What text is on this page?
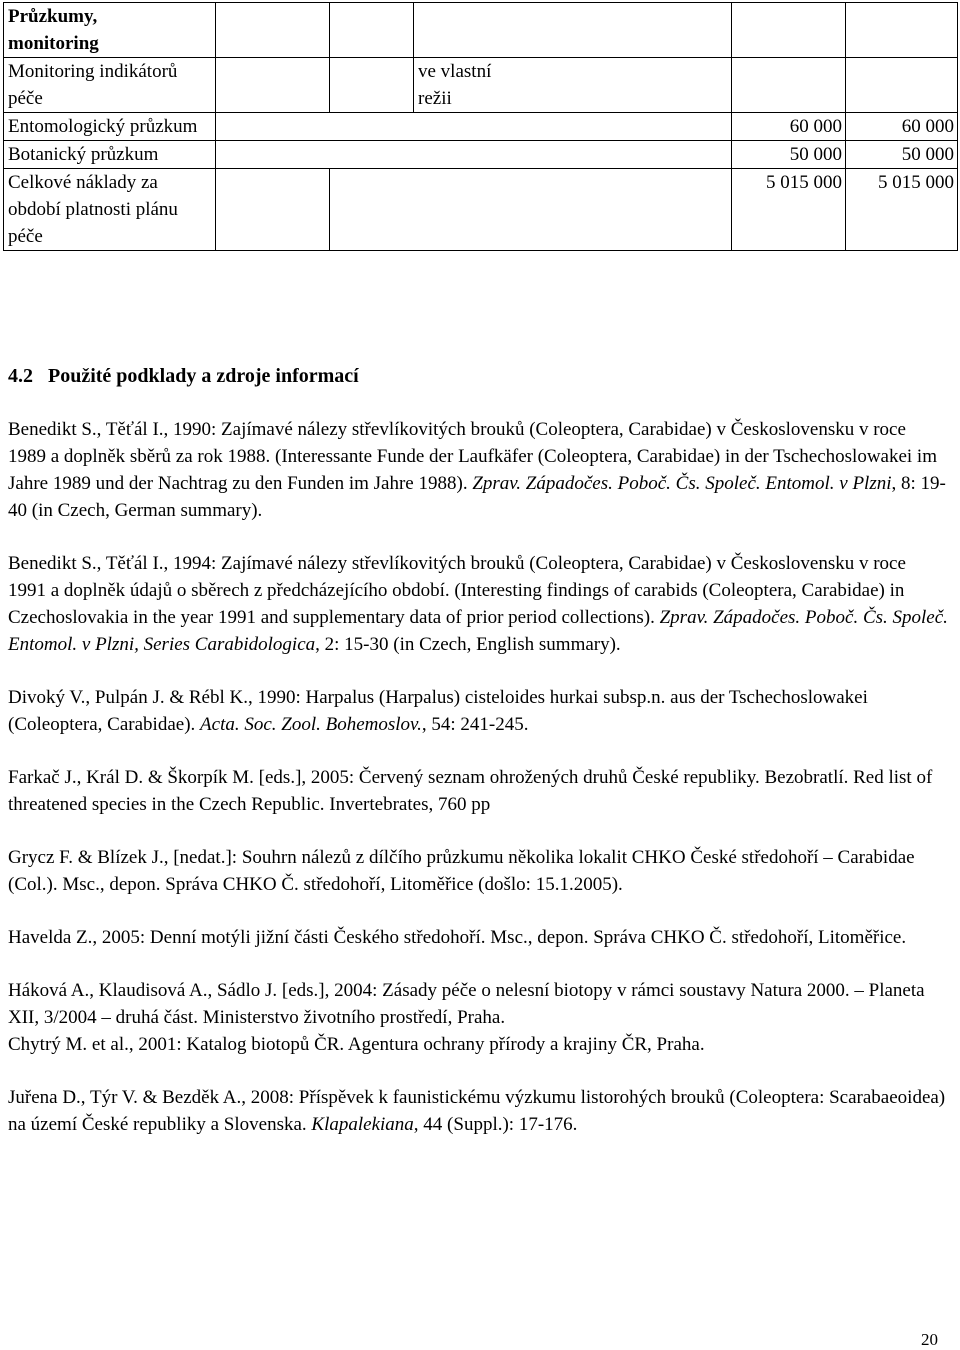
Průzkumy,
monitoring					
Monitoring indikátorů péče			ve vlastní režii		

Entomologický průzkum				60 000	60 000
Botanický průzkum				50 000	50 000
Celkové náklady za období platnosti plánu péče				5 015 000	5 015 000
4.2 Použité podklady a zdroje informací

Benedikt S., Těťál I., 1990: Zajímavé nálezy střevlíkovitých brouků (Coleoptera, Carabidae) v Československu v roce 1989 a doplněk sběrů za rok 1988. (Interessante Funde der Laufkäfer (Coleoptera, Carabidae) in der Tschechoslowakei im Jahre 1989 und der Nachtrag zu den Funden im Jahre 1988). Zprav. Západočes. Poboč. Čs. Společ. Entomol. v Plzni, 8: 19-40 (in Czech, German summary).

Benedikt S., Těťál I., 1994: Zajímavé nálezy střevlíkovitých brouků (Coleoptera, Carabidae) v Československu v roce 1991 a doplněk údajů o sběrech z předcházejícího období. (Interesting findings of carabids (Coleoptera, Carabidae) in Czechoslovakia in the year 1991 and supplementary data of prior period collections). Zprav. Západočes. Poboč. Čs. Společ. Entomol. v Plzni, Series Carabidologica, 2: 15-30 (in Czech, English summary).

Divoký V., Pulpán J. & Rébl K., 1990: Harpalus (Harpalus) cisteloides hurkai subsp.n. aus der Tschechoslowakei (Coleoptera, Carabidae). Acta. Soc. Zool. Bohemoslov., 54: 241-245.

Farkač J., Král D. & Škorpík M. [eds.], 2005: Červený seznam ohrožených druhů České republiky. Bezobratlí. Red list of threatened species in the Czech Republic. Invertebrates, 760 pp

Grycz F. & Blízek J., [nedat.]: Souhrn nálezů z dílčího průzkumu několika lokalit CHKO České středohoří – Carabidae (Col.). Msc., depon. Správa CHKO Č. středohoří, Litoměřice (došlo: 15.1.2005).

Havelda Z., 2005: Denní motýli jižní části Českého středohoří. Msc., depon. Správa CHKO Č. středohoří, Litoměřice.

Háková A., Klaudisová A., Sádlo J. [eds.], 2004: Zásady péče o nelesní biotopy v rámci soustavy Natura 2000. – Planeta XII, 3/2004 – druhá část. Ministerstvo životního prostředí, Praha.

Chytrý M. et al., 2001: Katalog biotopů ČR. Agentura ochrany přírody a krajiny ČR, Praha.

Juřena D., Týr V. & Bezděk A., 2008: Příspěvek k faunistickému výzkumu listorohých brouků (Coleoptera: Scarabaeoidea) na území České republiky a Slovenska. Klapalekiana, 44 (Suppl.): 17-176.

20
